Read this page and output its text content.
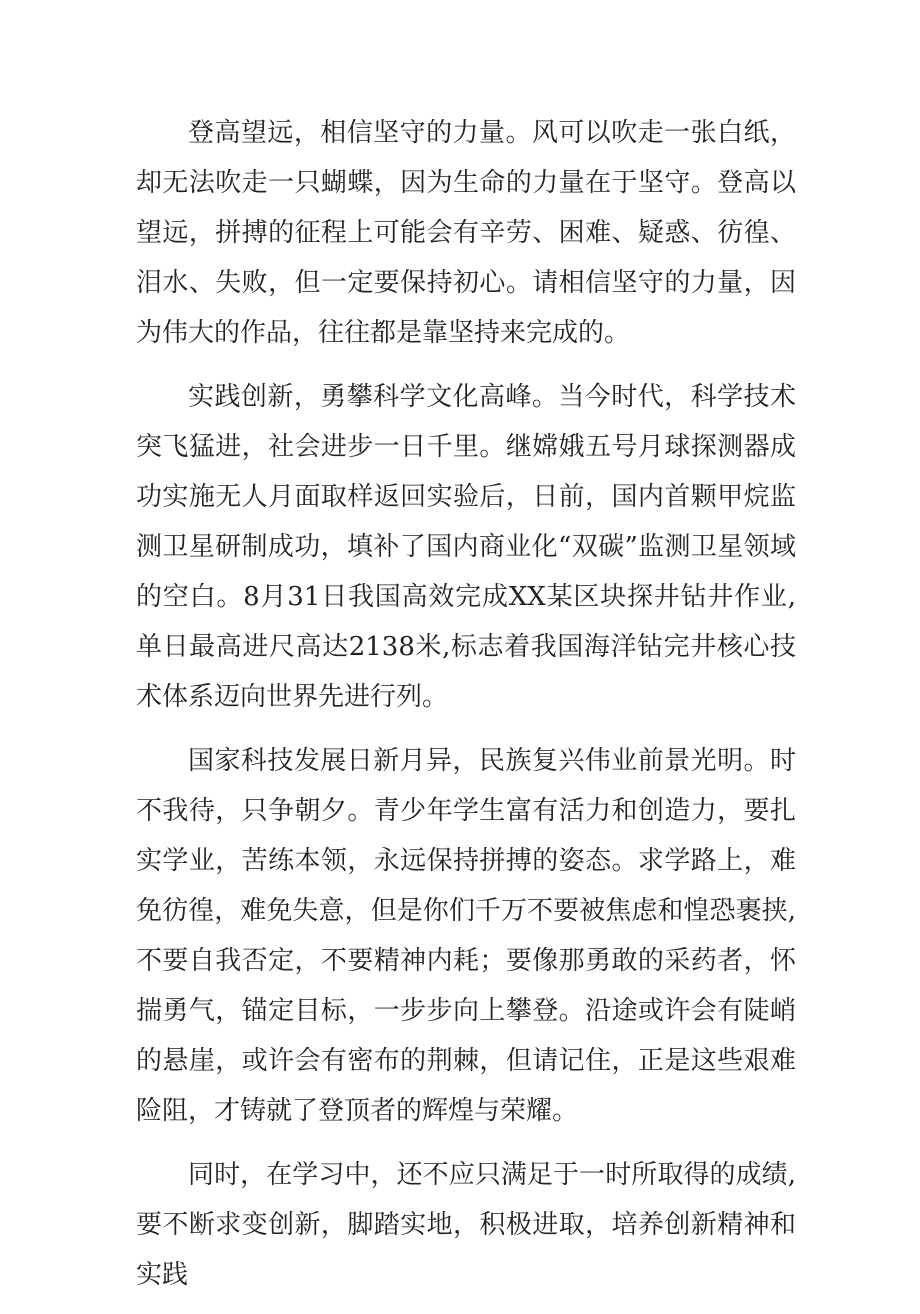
登高望远，相信坚守的力量。风可以吹走一张白纸，却无法吹走一只蝴蝶，因为生命的力量在于坚守。登高以望远，拼搏的征程上可能会有辛劳、困难、疑惑、彷徨、泪水、失败，但一定要保持初心。请相信坚守的力量，因为伟大的作品，往往都是靠坚持来完成的。

实践创新，勇攀科学文化高峰。当今时代，科学技术突飞猛进，社会进步一日千里。继嫦娥五号月球探测器成功实施无人月面取样返回实验后，日前，国内首颗甲烷监测卫星研制成功，填补了国内商业化“双碳”监测卫星领域的空白。8月31日我国高效完成XX某区块探井钻井作业,单日最高进尺高达2138米,标志着我国海洋钻完井核心技术体系迈向世界先进行列。

国家科技发展日新月异，民族复兴伟业前景光明。时不我待，只争朝夕。青少年学生富有活力和创造力，要扎实学业，苦练本领，永远保持拼搏的姿态。求学路上，难免彷徨，难免失意，但是你们千万不要被焦虑和惶恐裹挟,不要自我否定，不要精神内耗；要像那勇敢的采药者，怀揣勇气，锚定目标，一步步向上攀登。沿途或许会有陡峭的悬崖，或许会有密布的荆棘，但请记住，正是这些艰难险阻，才铸就了登顶者的辉煌与荣耀。

同时，在学习中，还不应只满足于一时所取得的成绩,要不断求变创新，脚踏实地，积极进取，培养创新精神和实践
